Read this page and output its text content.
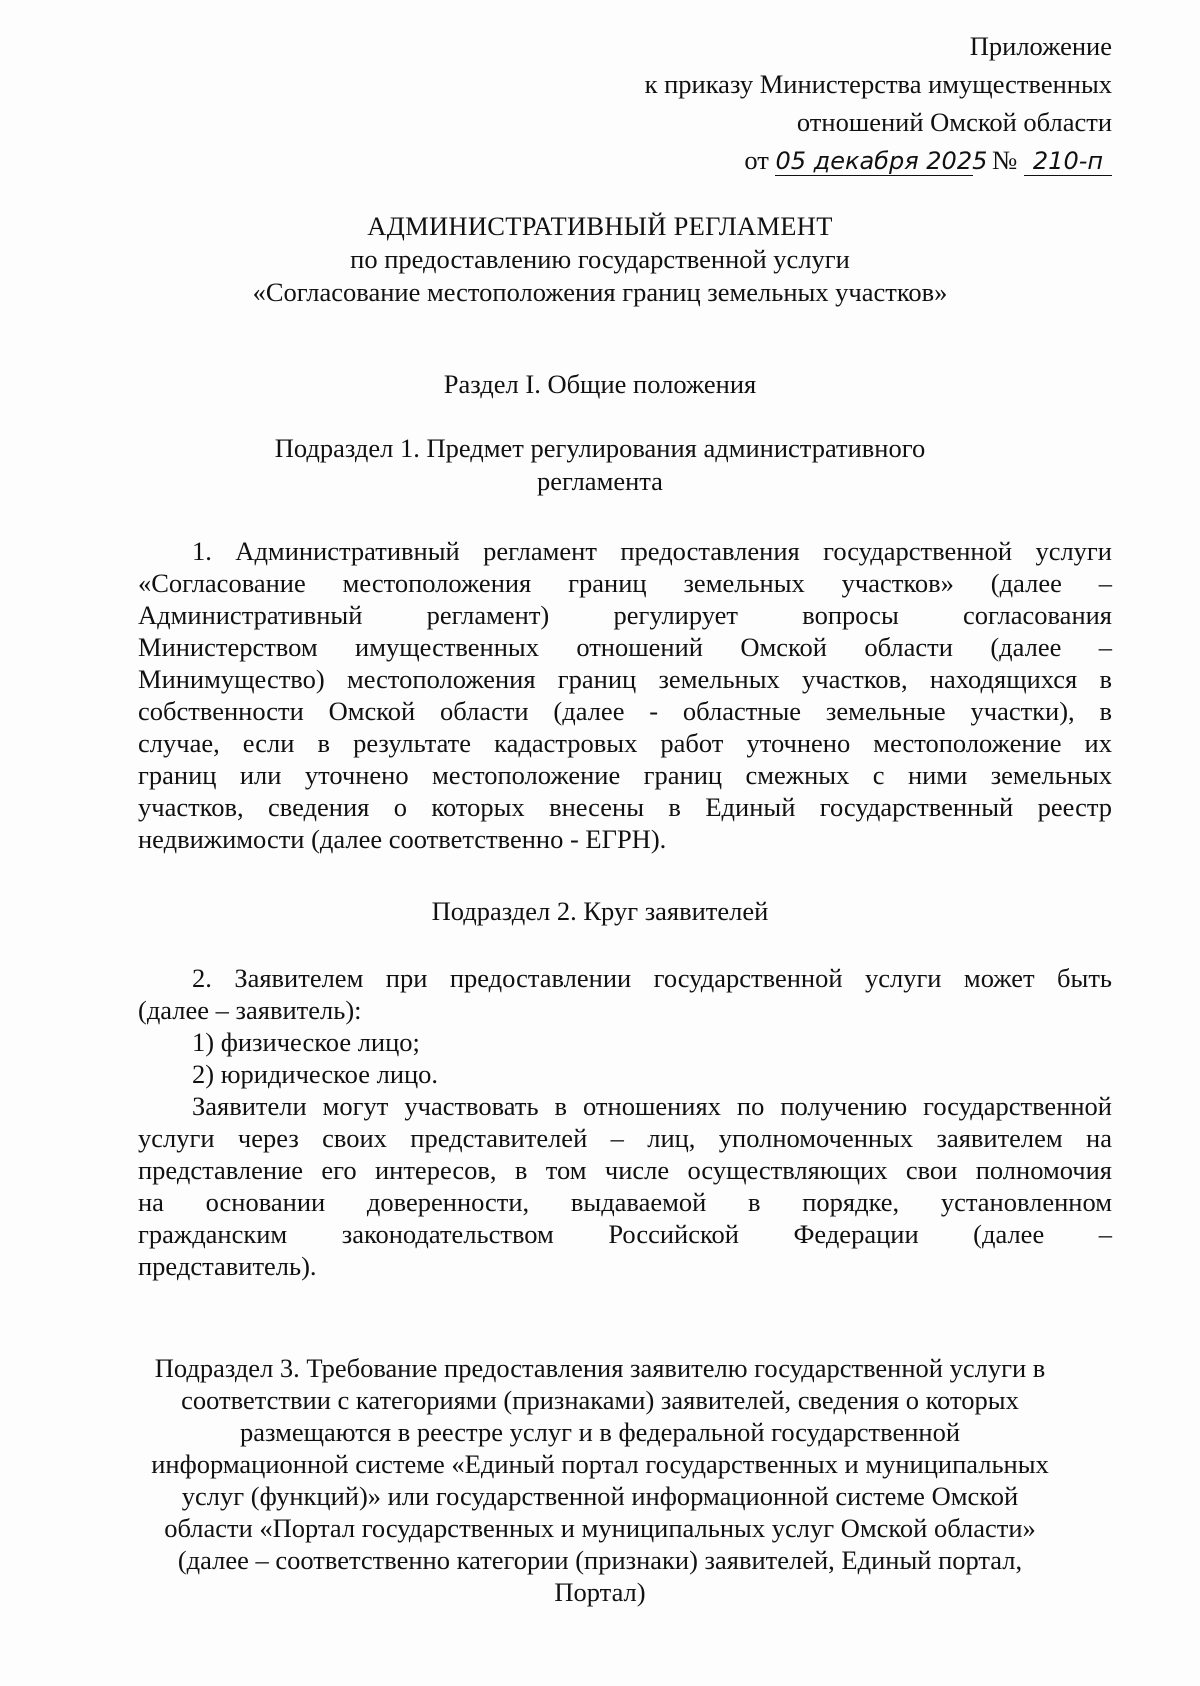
Приложение
к приказу Министерства имущественных
отношений Омской области
от 05 декабря 2025 № 210-п
АДМИНИСТРАТИВНЫЙ РЕГЛАМЕНТ
по предоставлению государственной услуги
«Согласование местоположения границ земельных участков»
Раздел I. Общие положения
Подраздел 1. Предмет регулирования административного
регламента
1. Административный регламент предоставления государственной услуги
«Согласование местоположения границ земельных участков» (далее –
Административный регламент) регулирует вопросы согласования
Министерством имущественных отношений Омской области (далее –
Минимущество) местоположения границ земельных участков, находящихся в
собственности Омской области (далее - областные земельные участки), в
случае, если в результате кадастровых работ уточнено местоположение их
границ или уточнено местоположение границ смежных с ними земельных
участков, сведения о которых внесены в Единый государственный реестр
недвижимости (далее соответственно - ЕГРН).
Подраздел 2. Круг заявителей
2. Заявителем при предоставлении государственной услуги может быть
(далее – заявитель):
1) физическое лицо;
2) юридическое лицо.
Заявители могут участвовать в отношениях по получению государственной
услуги через своих представителей – лиц, уполномоченных заявителем на
представление его интересов, в том числе осуществляющих свои полномочия
на основании доверенности, выдаваемой в порядке, установленном
гражданским законодательством Российской Федерации (далее –
представитель).
Подраздел 3. Требование предоставления заявителю государственной услуги в
соответствии с категориями (признаками) заявителей, сведения о которых
размещаются в реестре услуг и в федеральной государственной
информационной системе «Единый портал государственных и муниципальных
услуг (функций)» или государственной информационной системе Омской
области «Портал государственных и муниципальных услуг Омской области»
(далее – соответственно категории (признаки) заявителей, Единый портал,
Портал)
